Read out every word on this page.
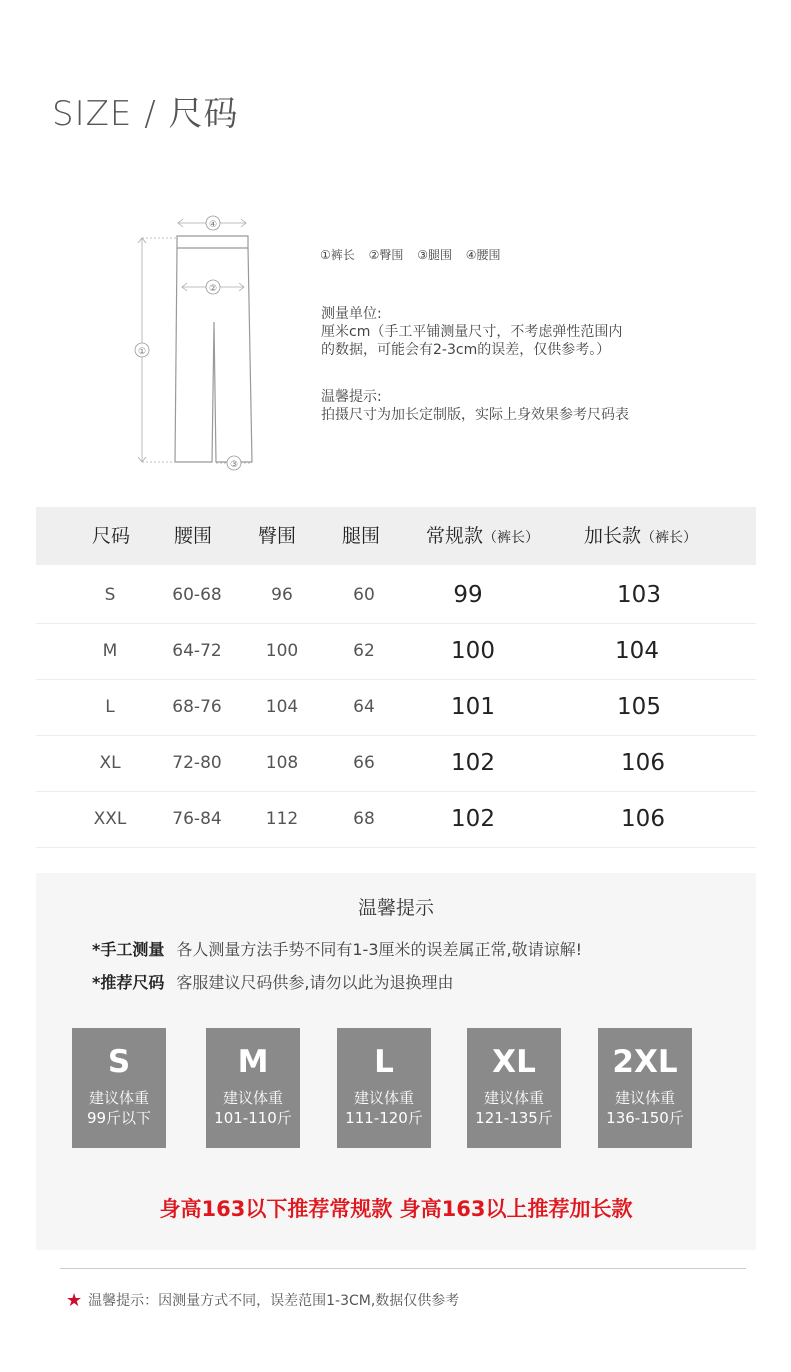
SIZE / 尺码
④
②
①
③
①裤长 ②臀围 ③腿围 ④腰围
测量单位:
厘米cm（手工平铺测量尺寸，不考虑弹性范围内
的数据，可能会有2-3cm的误差，仅供参考。）
温馨提示:
拍摄尺寸为加长定制版，实际上身效果参考尺码表
尺码 腰围 臀围 腿围 常规款（裤长） 加长款（裤长）
S	60-68	96	60	99	103
M	64-72	100	62	100	104
L	68-76	104	64	101	105
XL	72-80	108	66	102	106
XXL	76-84	112	68	102	106
温馨提示
*手工测量 各人测量方法手势不同有1-3厘米的误差属正常,敬请谅解!
*推荐尺码 客服建议尺码供参,请勿以此为退换理由
S
建议体重
99斤以下
M
建议体重
101-110斤
L
建议体重
111-120斤
XL
建议体重
121-135斤
2XL
建议体重
136-150斤
身高163以下推荐常规款 身高163以上推荐加长款
★ 温馨提示：因测量方式不同，误差范围1-3CM,数据仅供参考
